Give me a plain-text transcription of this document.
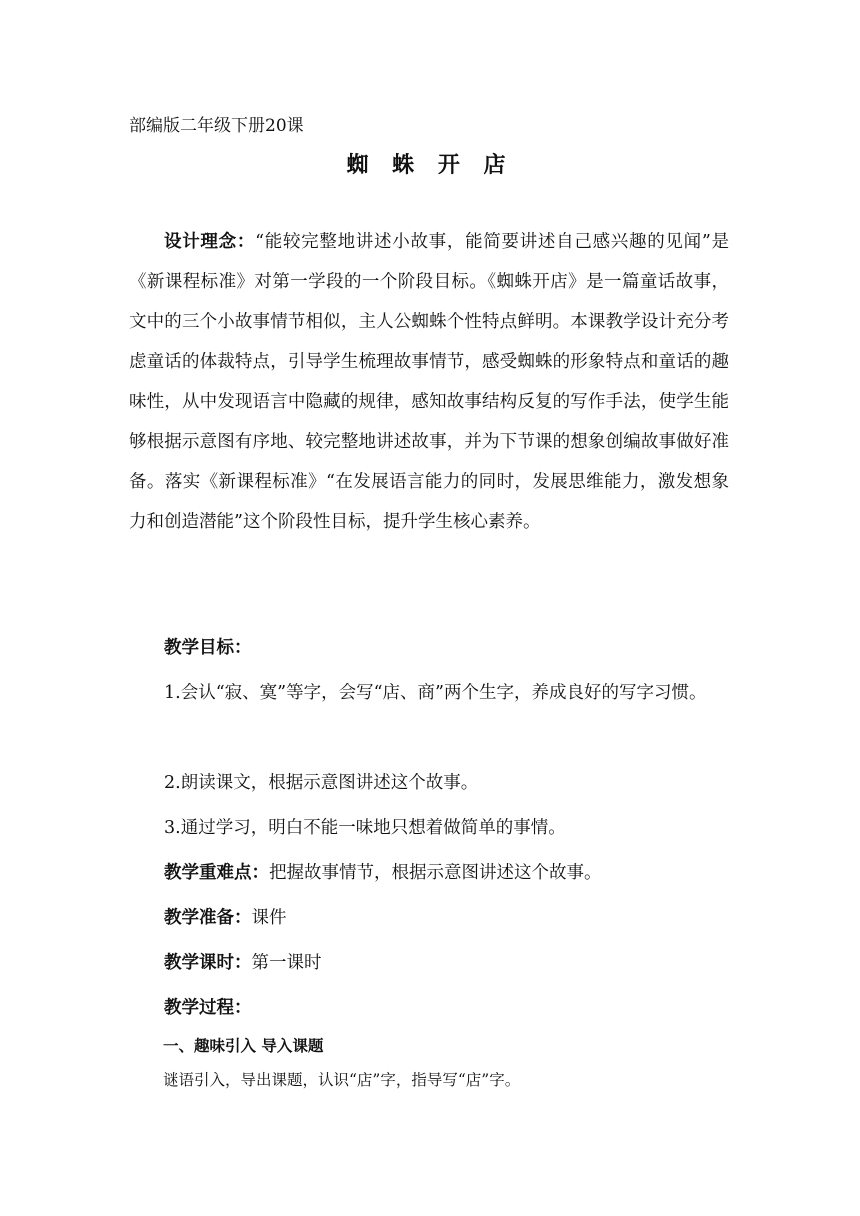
部编版二年级下册20课
蜘 蛛 开 店
设计理念：“能较完整地讲述小故事，能简要讲述自己感兴趣的见闻”是《新课程标准》对第一学段的一个阶段目标。《蜘蛛开店》是一篇童话故事，文中的三个小故事情节相似，主人公蜘蛛个性特点鲜明。本课教学设计充分考虑童话的体裁特点，引导学生梳理故事情节，感受蜘蛛的形象特点和童话的趣味性，从中发现语言中隐藏的规律，感知故事结构反复的写作手法，使学生能够根据示意图有序地、较完整地讲述故事，并为下节课的想象创编故事做好准备。落实《新课程标准》“在发展语言能力的同时，发展思维能力，激发想象力和创造潜能”这个阶段性目标，提升学生核心素养。
教学目标：
1.会认“寂、寞”等字，会写“店、商”两个生字，养成良好的写字习惯。
2.朗读课文，根据示意图讲述这个故事。
3.通过学习，明白不能一味地只想着做简单的事情。
教学重难点：把握故事情节，根据示意图讲述这个故事。
教学准备：课件
教学课时：第一课时
教学过程：
一、趣味引入 导入课题
谜语引入，导出课题，认识“店”字，指导写“店”字。
